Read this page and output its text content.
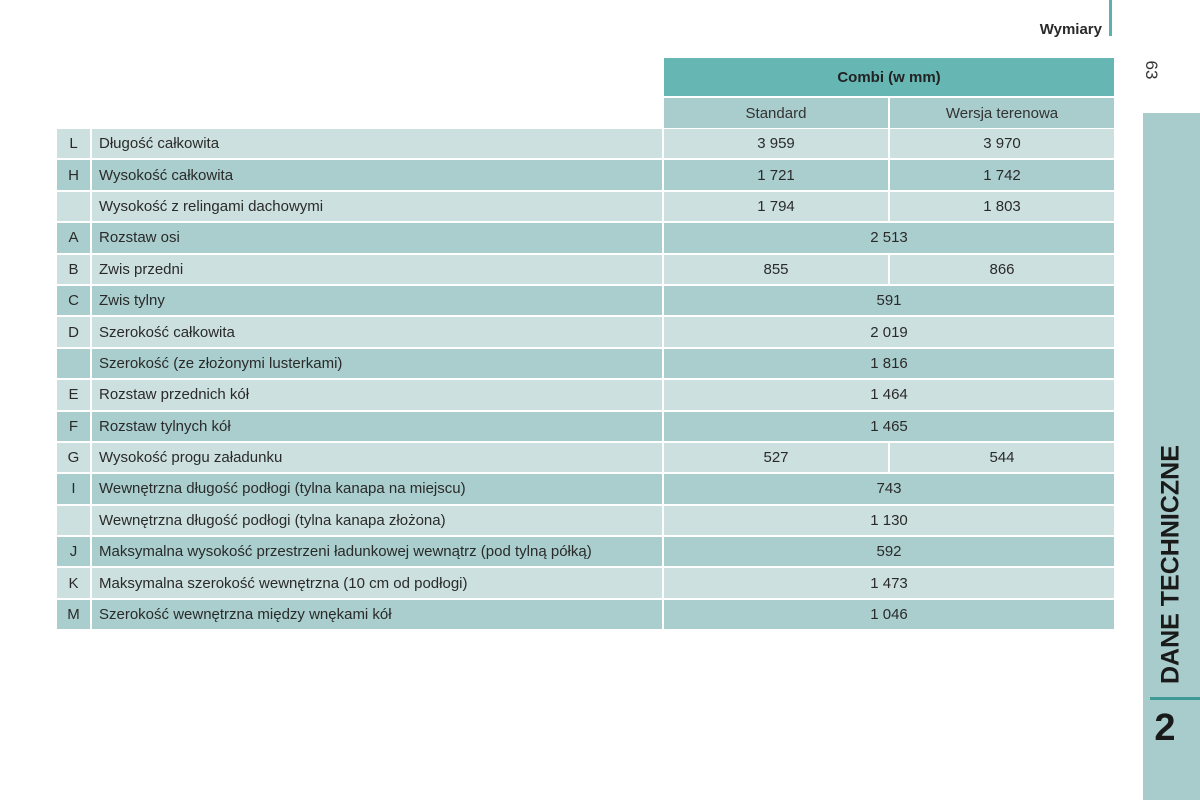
Wymiary
63
DANE TECHNICZNE
2
Combi (w mm)
Standard	Wersja terenowa
L	Długość całkowita	3 959	3 970
H	Wysokość całkowita	1 721	1 742
Wysokość z relingami dachowymi	1 794	1 803
A	Rozstaw osi	2 513
B	Zwis przedni	855	866
C	Zwis tylny	591
D	Szerokość całkowita	2 019
Szerokość (ze złożonymi lusterkami)	1 816
E	Rozstaw przednich kół	1 464
F	Rozstaw tylnych kół	1 465
G	Wysokość progu załadunku	527	544
I	Wewnętrzna długość podłogi (tylna kanapa na miejscu)	743
Wewnętrzna długość podłogi (tylna kanapa złożona)	1 130
J	Maksymalna wysokość przestrzeni ładunkowej wewnątrz (pod tylną półką)	592
K	Maksymalna szerokość wewnętrzna (10 cm od podłogi)	1 473
M	Szerokość wewnętrzna między wnękami kół	1 046
